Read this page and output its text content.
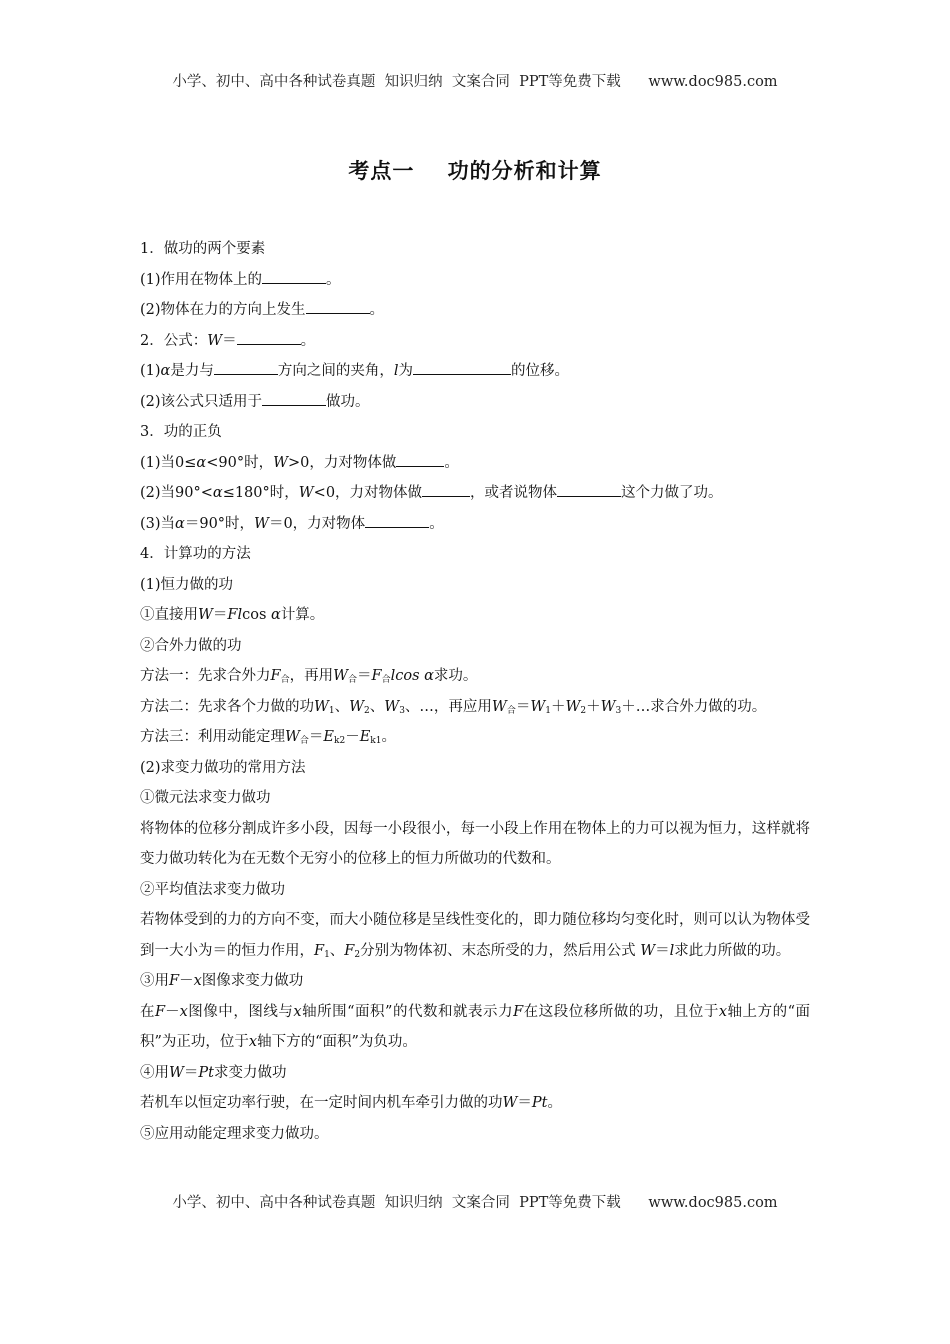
小学、初中、高中各种试卷真题  知识归纳  文案合同  PPT等免费下载      www.doc985.com
考点一    功的分析和计算
1．做功的两个要素
(1)作用在物体上的	。
(2)物体在力的方向上发生	。
2．公式：W＝	。
(1)α是力与	方向之间的夹角，l为	的位移。
(2)该公式只适用于	做功。
3．功的正负
(1)当0≤α<90°时，W>0，力对物体做	。
(2)当90°<α≤180°时，W<0，力对物体做	，或者说物体	这个力做了功。
(3)当α＝90°时，W＝0，力对物体	。
4．计算功的方法
(1)恒力做的功
①直接用W＝Flcos α计算。
②合外力做的功
方法一：先求合外力$F_合$，再用$W_合=F_合lcos$ α求功。
方法二：先求各个力做的功$W_1$、$W_2$、$W_3$、…，再应用$W_合=W_1+W_2+W_3+\dots$求合外力做的功。
方法三：利用动能定理$W_合=E_{k2}-E_{k1}$。
(2)求变力做功的常用方法
①微元法求变力做功
将物体的位移分割成许多小段，因每一小段很小，每一小段上作用在物体上的力可以视为恒力，这样就将变力做功转化为在无数个无穷小的位移上的恒力所做功的代数和。
②平均值法求变力做功
若物体受到的力的方向不变，而大小随位移是呈线性变化的，即力随位移均匀变化时，则可以认为物体受到一大小为＝的恒力作用，$F_1$、$F_2$分别为物体初、末态所受的力，然后用公式 W＝l求此力所做的功。
③用F－x图像求变力做功
在F－x图像中，图线与x轴所围“面积”的代数和就表示力F在这段位移所做的功，且位于x轴上方的“面积”为正功，位于x轴下方的“面积”为负功。
④用W＝Pt求变力做功
若机车以恒定功率行驶，在一定时间内机车牵引力做的功W＝Pt。
⑤应用动能定理求变力做功。
小学、初中、高中各种试卷真题  知识归纳  文案合同  PPT等免费下载      www.doc985.com
